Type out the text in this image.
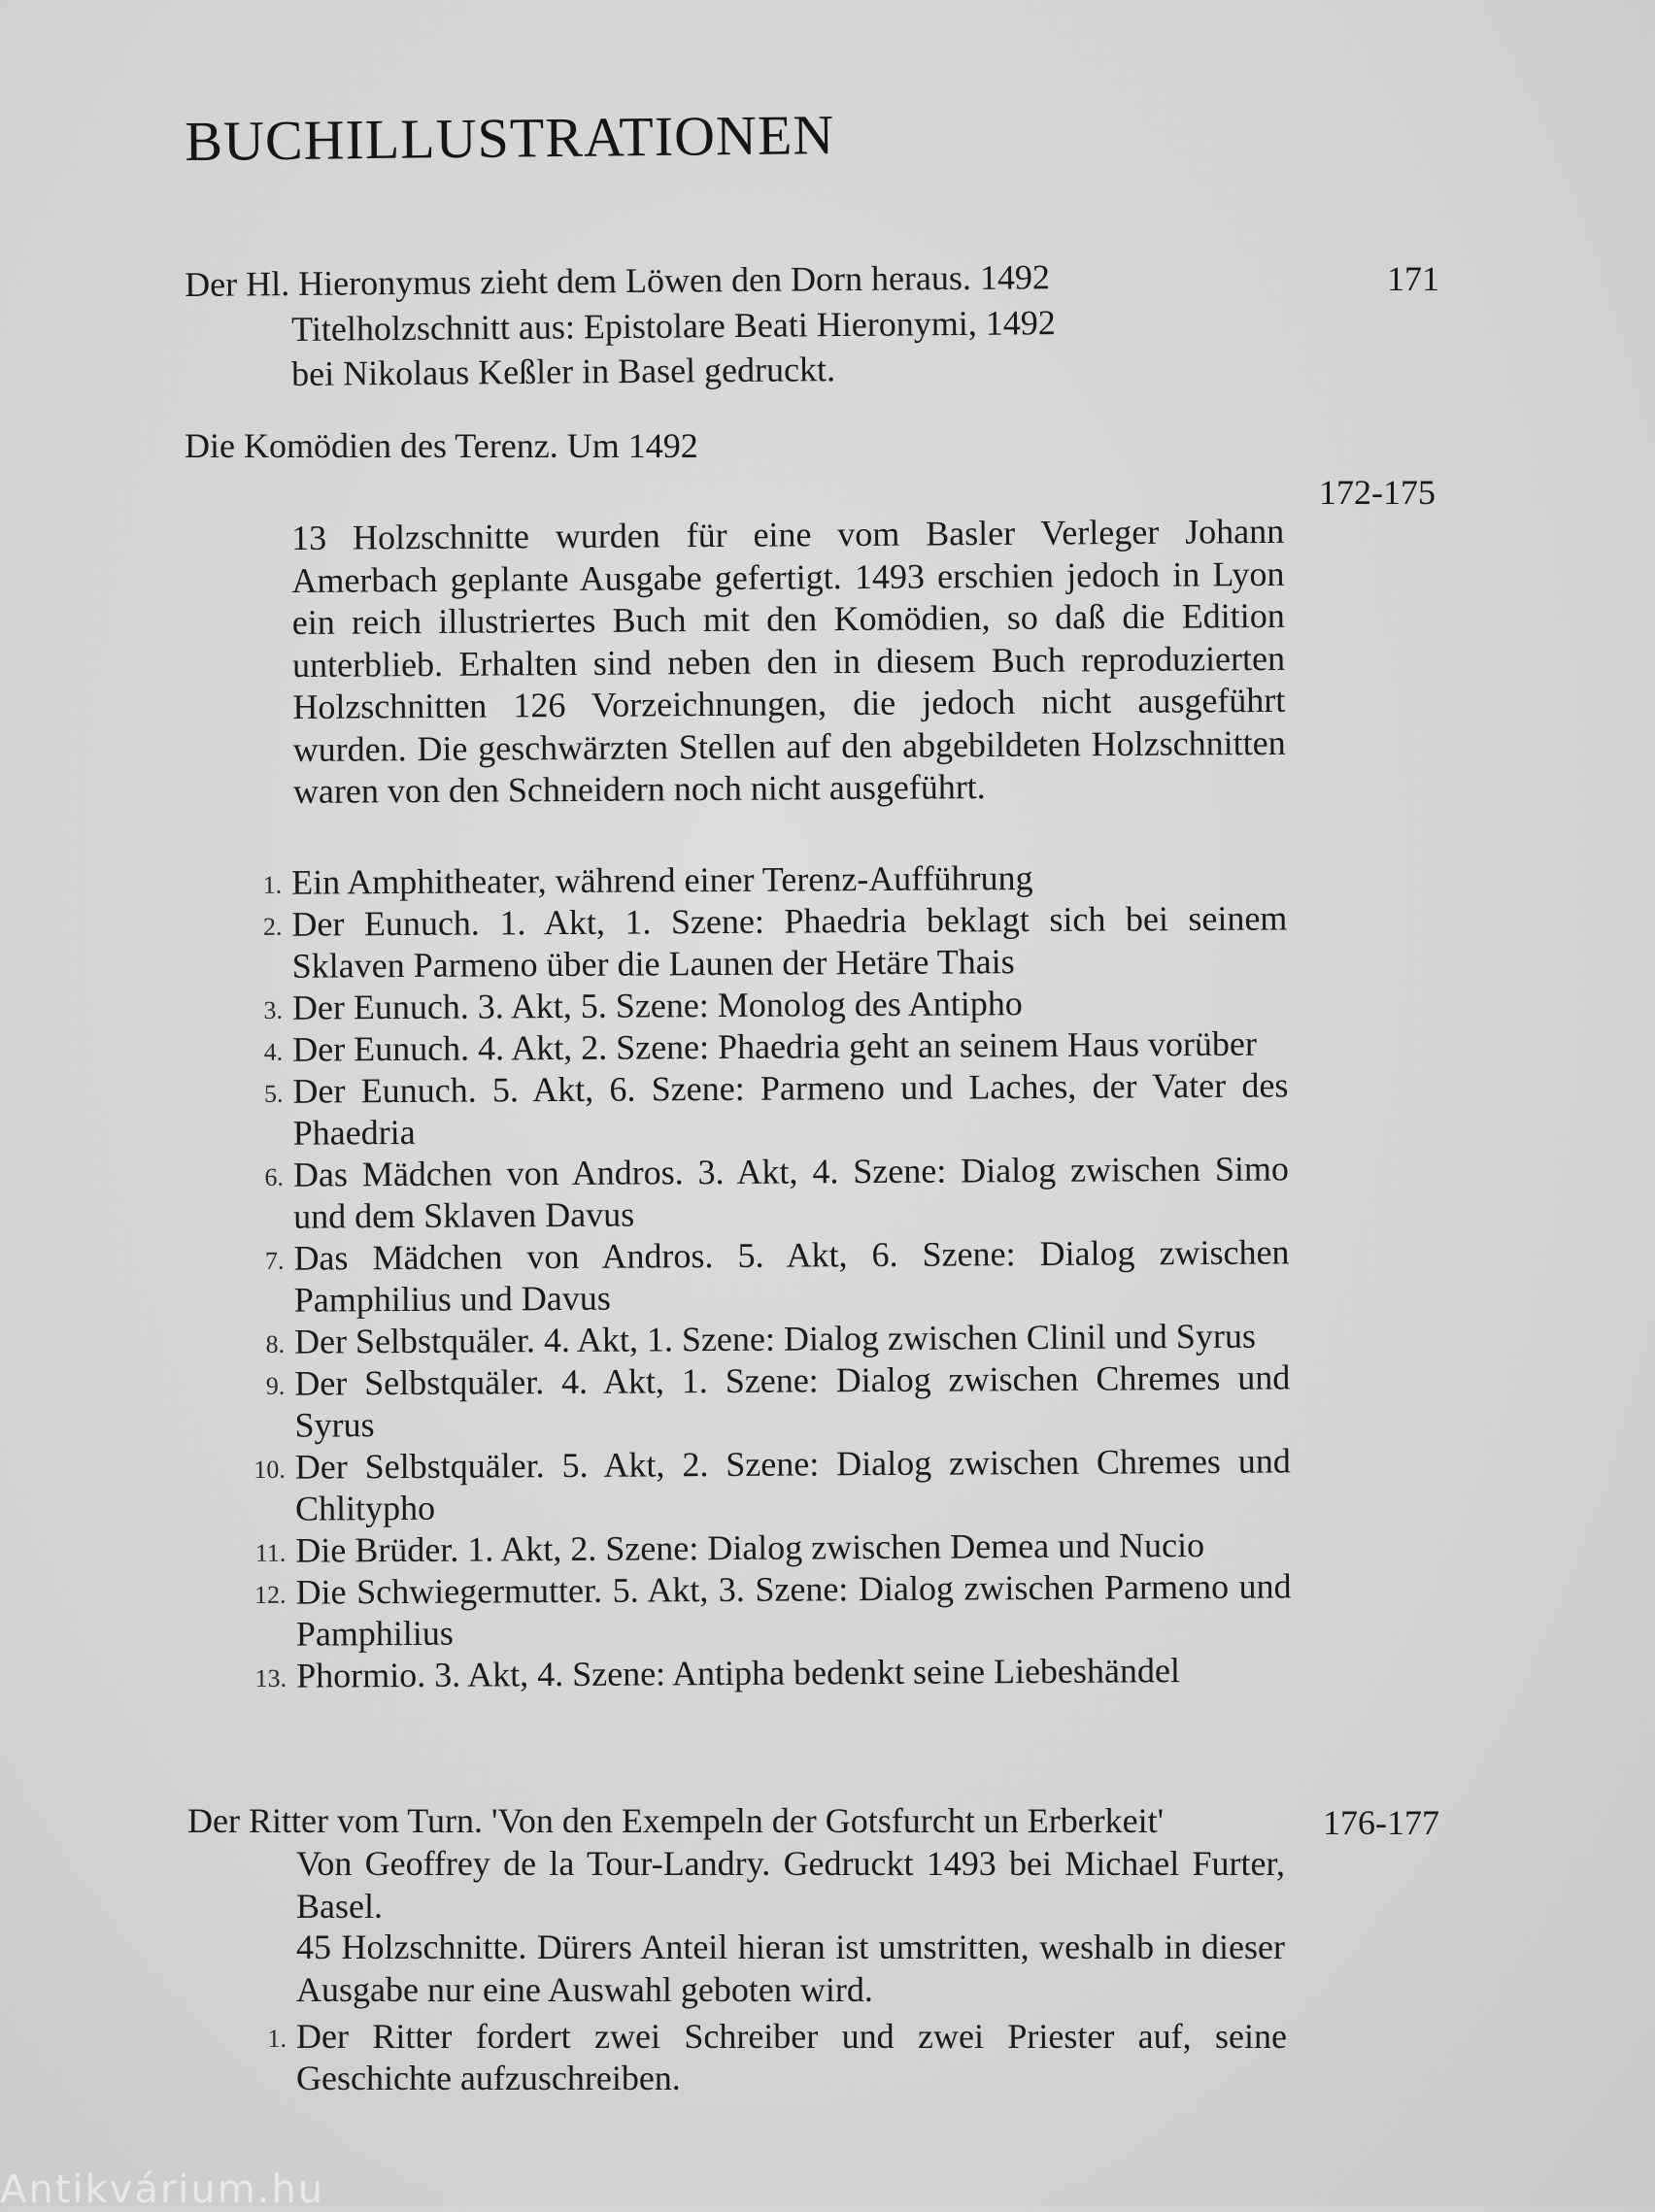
BUCHILLUSTRATIONEN
Der Hl. Hieronymus zieht dem Löwen den Dorn heraus. 1492	171
Titelholzschnitt aus: Epistolare Beati Hieronymi, 1492
bei Nikolaus Keßler in Basel gedruckt.
Die Komödien des Terenz. Um 1492
172-175
13 Holzschnitte wurden für eine vom Basler Verleger Johann Amerbach geplante Ausgabe gefertigt. 1493 erschien jedoch in Lyon ein reich illustriertes Buch mit den Komödien, so daß die Edition unterblieb. Erhalten sind neben den in diesem Buch reproduzierten Holzschnitten 126 Vorzeichnungen, die jedoch nicht ausgeführt wurden. Die geschwärzten Stellen auf den abgebildeten Holzschnitten waren von den Schneidern noch nicht ausgeführt.
1. Ein Amphitheater, während einer Terenz-Aufführung
2. Der Eunuch. 1. Akt, 1. Szene: Phaedria beklagt sich bei seinem Sklaven Parmeno über die Launen der Hetäre Thais
3. Der Eunuch. 3. Akt, 5. Szene: Monolog des Antipho
4. Der Eunuch. 4. Akt, 2. Szene: Phaedria geht an seinem Haus vorüber
5. Der Eunuch. 5. Akt, 6. Szene: Parmeno und Laches, der Vater des Phaedria
6. Das Mädchen von Andros. 3. Akt, 4. Szene: Dialog zwischen Simo und dem Sklaven Davus
7. Das Mädchen von Andros. 5. Akt, 6. Szene: Dialog zwischen Pamphilius und Davus
8. Der Selbstquäler. 4. Akt, 1. Szene: Dialog zwischen Clinil und Syrus
9. Der Selbstquäler. 4. Akt, 1. Szene: Dialog zwischen Chremes und Syrus
10. Der Selbstquäler. 5. Akt, 2. Szene: Dialog zwischen Chremes und Chlitypho
11. Die Brüder. 1. Akt, 2. Szene: Dialog zwischen Demea und Nucio
12. Die Schwiegermutter. 5. Akt, 3. Szene: Dialog zwischen Parmeno und Pamphilius
13. Phormio. 3. Akt, 4. Szene: Antipha bedenkt seine Liebeshändel
Der Ritter vom Turn. 'Von den Exempeln der Gotsfurcht un Erberkeit'	176-177
Von Geoffrey de la Tour-Landry. Gedruckt 1493 bei Michael Furter, Basel.
45 Holzschnitte. Dürers Anteil hieran ist umstritten, weshalb in dieser Ausgabe nur eine Auswahl geboten wird.
1. Der Ritter fordert zwei Schreiber und zwei Priester auf, seine Geschichte aufzuschreiben.
Antikvárium.hu
